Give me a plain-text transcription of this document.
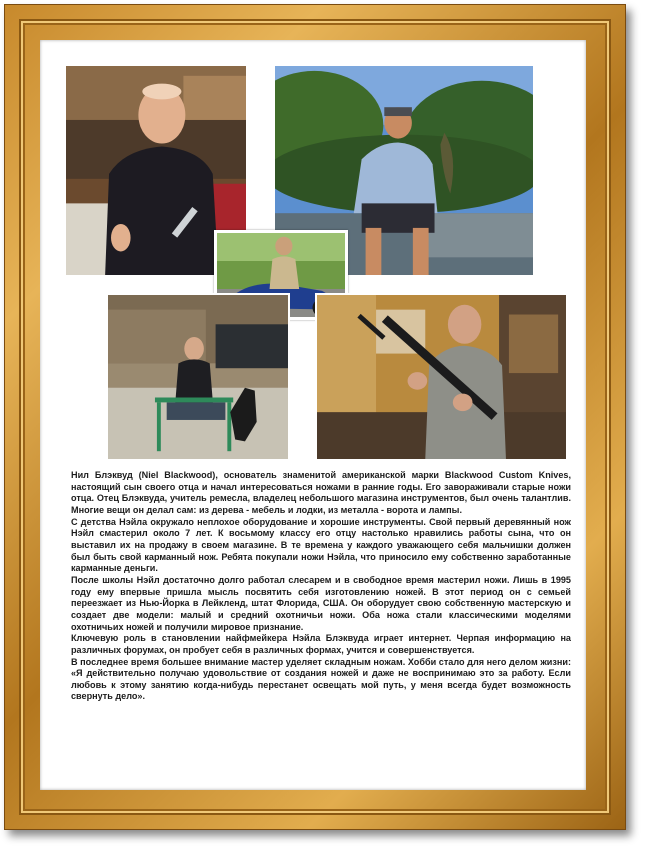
Нил Блэквуд (Niel Blackwood), основатель знаменитой американской марки Blackwood Custom Knives, настоящий сын своего отца и начал интересоваться ножами в ранние годы. Его завораживали старые ножи отца. Отец Блэквуда, учитель ремесла, владелец небольшого магазина инструментов, был очень талантлив. Многие вещи он делал сам: из дерева - мебель и лодки, из металла - ворота и лампы.

С детства Нэйла окружало неплохое оборудование и хорошие инструменты. Свой первый деревянный нож Нэйл смастерил около 7 лет. К восьмому классу его отцу настолько нравились работы сына, что он выставил их на продажу в своем магазине. В те времена у каждого уважающего себя мальчишки должен был быть свой карманный нож. Ребята покупали ножи Нэйла, что приносило ему собственно заработанные карманные деньги.

После школы Нэйл достаточно долго работал слесарем и в свободное время мастерил ножи. Лишь в 1995 году ему впервые пришла мысль посвятить себя изготовлению ножей. В этот период он с семьей переезжает из Нью-Йорка в Лейкленд, штат Флорида, США. Он оборудует свою собственную мастерскую и создает две модели: малый и средний охотничьи ножи. Оба ножа стали классическими моделями охотничьих ножей и получили мировое признание.

Ключевую роль в становлении найфмейкера Нэйла Блэквуда играет интернет. Черпая информацию на различных форумах, он пробует себя в различных формах, учится и совершенствуется.

В последнее время большее внимание мастер уделяет складным ножам. Хобби стало для него делом жизни: «Я действительно получаю удовольствие от создания ножей и даже не воспринимаю это за работу. Если любовь к этому занятию когда-нибудь перестанет освещать мой путь, у меня всегда будет возможность свернуть дело».
